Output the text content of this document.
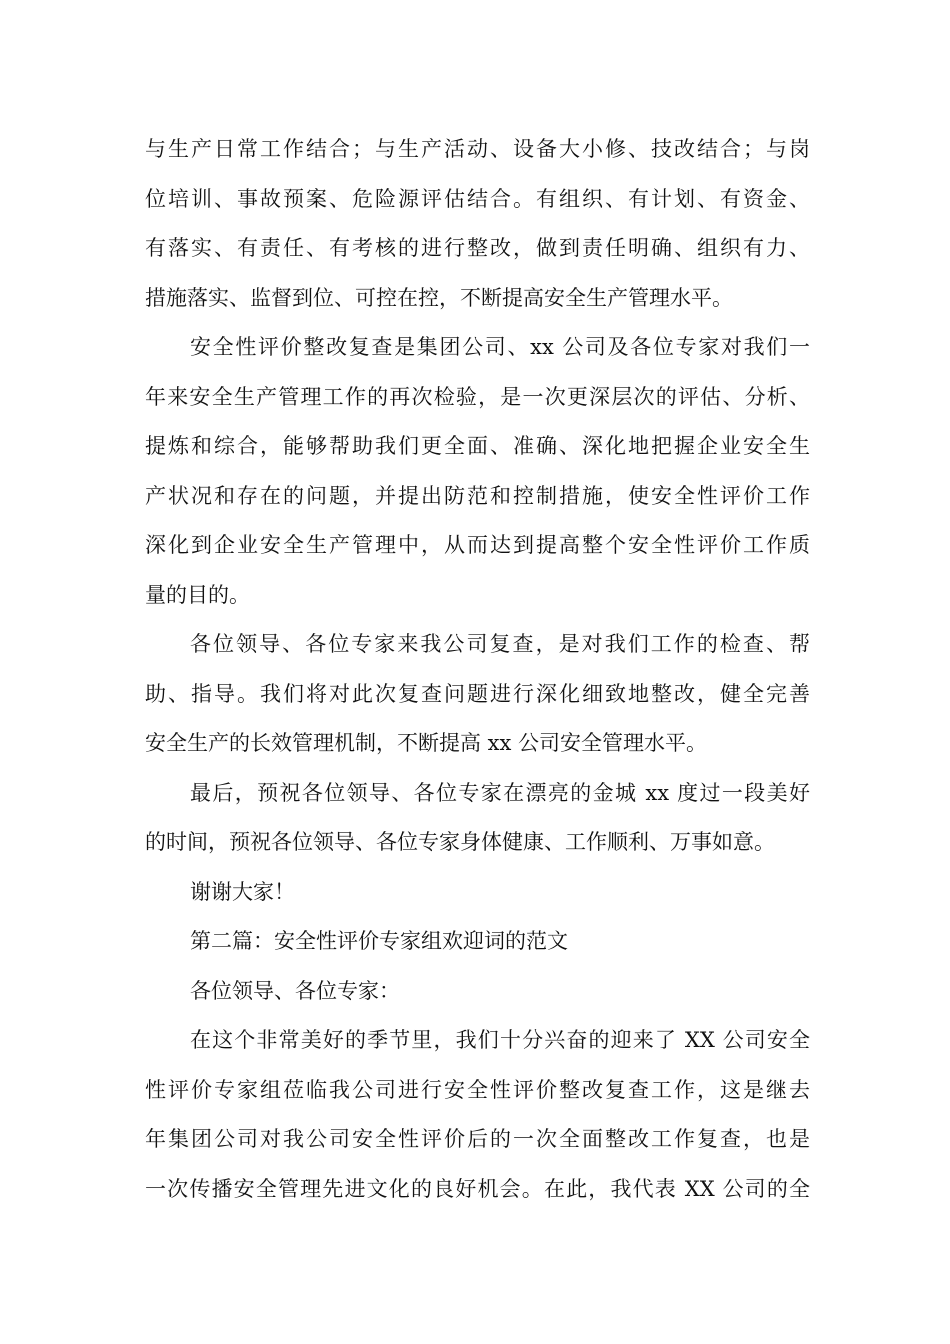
与生产日常工作结合；与生产活动、设备大小修、技改结合；与岗
位培训、事故预案、危险源评估结合。有组织、有计划、有资金、
有落实、有责任、有考核的进行整改，做到责任明确、组织有力、
措施落实、监督到位、可控在控，不断提高安全生产管理水平。
安全性评价整改复查是集团公司、xx 公司及各位专家对我们一
年来安全生产管理工作的再次检验，是一次更深层次的评估、分析、
提炼和综合，能够帮助我们更全面、准确、深化地把握企业安全生
产状况和存在的问题，并提出防范和控制措施，使安全性评价工作
深化到企业安全生产管理中，从而达到提高整个安全性评价工作质
量的目的。
各位领导、各位专家来我公司复查，是对我们工作的检查、帮
助、指导。我们将对此次复查问题进行深化细致地整改，健全完善
安全生产的长效管理机制，不断提高 xx 公司安全管理水平。
最后，预祝各位领导、各位专家在漂亮的金城 xx 度过一段美好
的时间，预祝各位领导、各位专家身体健康、工作顺利、万事如意。
谢谢大家！
第二篇：安全性评价专家组欢迎词的范文
各位领导、各位专家：
在这个非常美好的季节里，我们十分兴奋的迎来了 XX 公司安全
性评价专家组莅临我公司进行安全性评价整改复查工作，这是继去
年集团公司对我公司安全性评价后的一次全面整改工作复查，也是
一次传播安全管理先进文化的良好机会。在此，我代表 XX 公司的全
